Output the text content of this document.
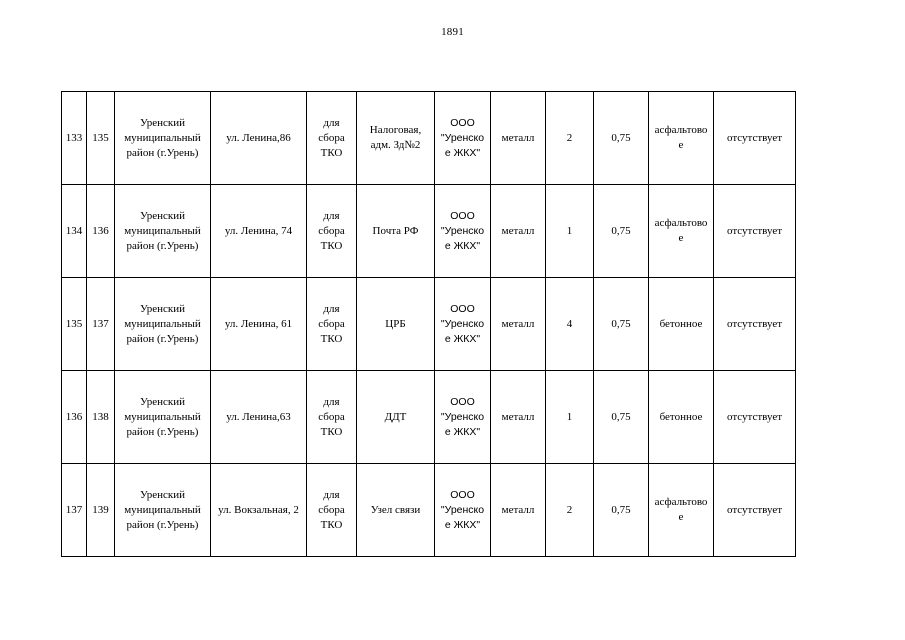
1891
133	135	Уренский
муниципальный
район (г.Урень)	ул. Ленина,86	для
сбора
ТКО	Налоговая,
адм. Зд№2	ООО
"Уренско
e ЖКХ"	металл	2	0,75	асфальтово
e	отсутствует
134	136	Уренский
муниципальный
район (г.Урень)	ул. Ленина, 74	для
сбора
ТКО	Почта РФ	ООО
"Уренско
e ЖКХ"	металл	1	0,75	асфальтово
e	отсутствует
135	137	Уренский
муниципальный
район (г.Урень)	ул. Ленина, 61	для
сбора
ТКО	ЦРБ	ООО
"Уренско
e ЖКХ"	металл	4	0,75	бетонное	отсутствует
136	138	Уренский
муниципальный
район (г.Урень)	ул. Ленина,63	для
сбора
ТКО	ДДТ	ООО
"Уренско
e ЖКХ"	металл	1	0,75	бетонное	отсутствует
137	139	Уренский
муниципальный
район (г.Урень)	ул. Вокзальная, 2	для
сбора
ТКО	Узел связи	ООО
"Уренско
e ЖКХ"	металл	2	0,75	асфальтово
e	отсутствует
